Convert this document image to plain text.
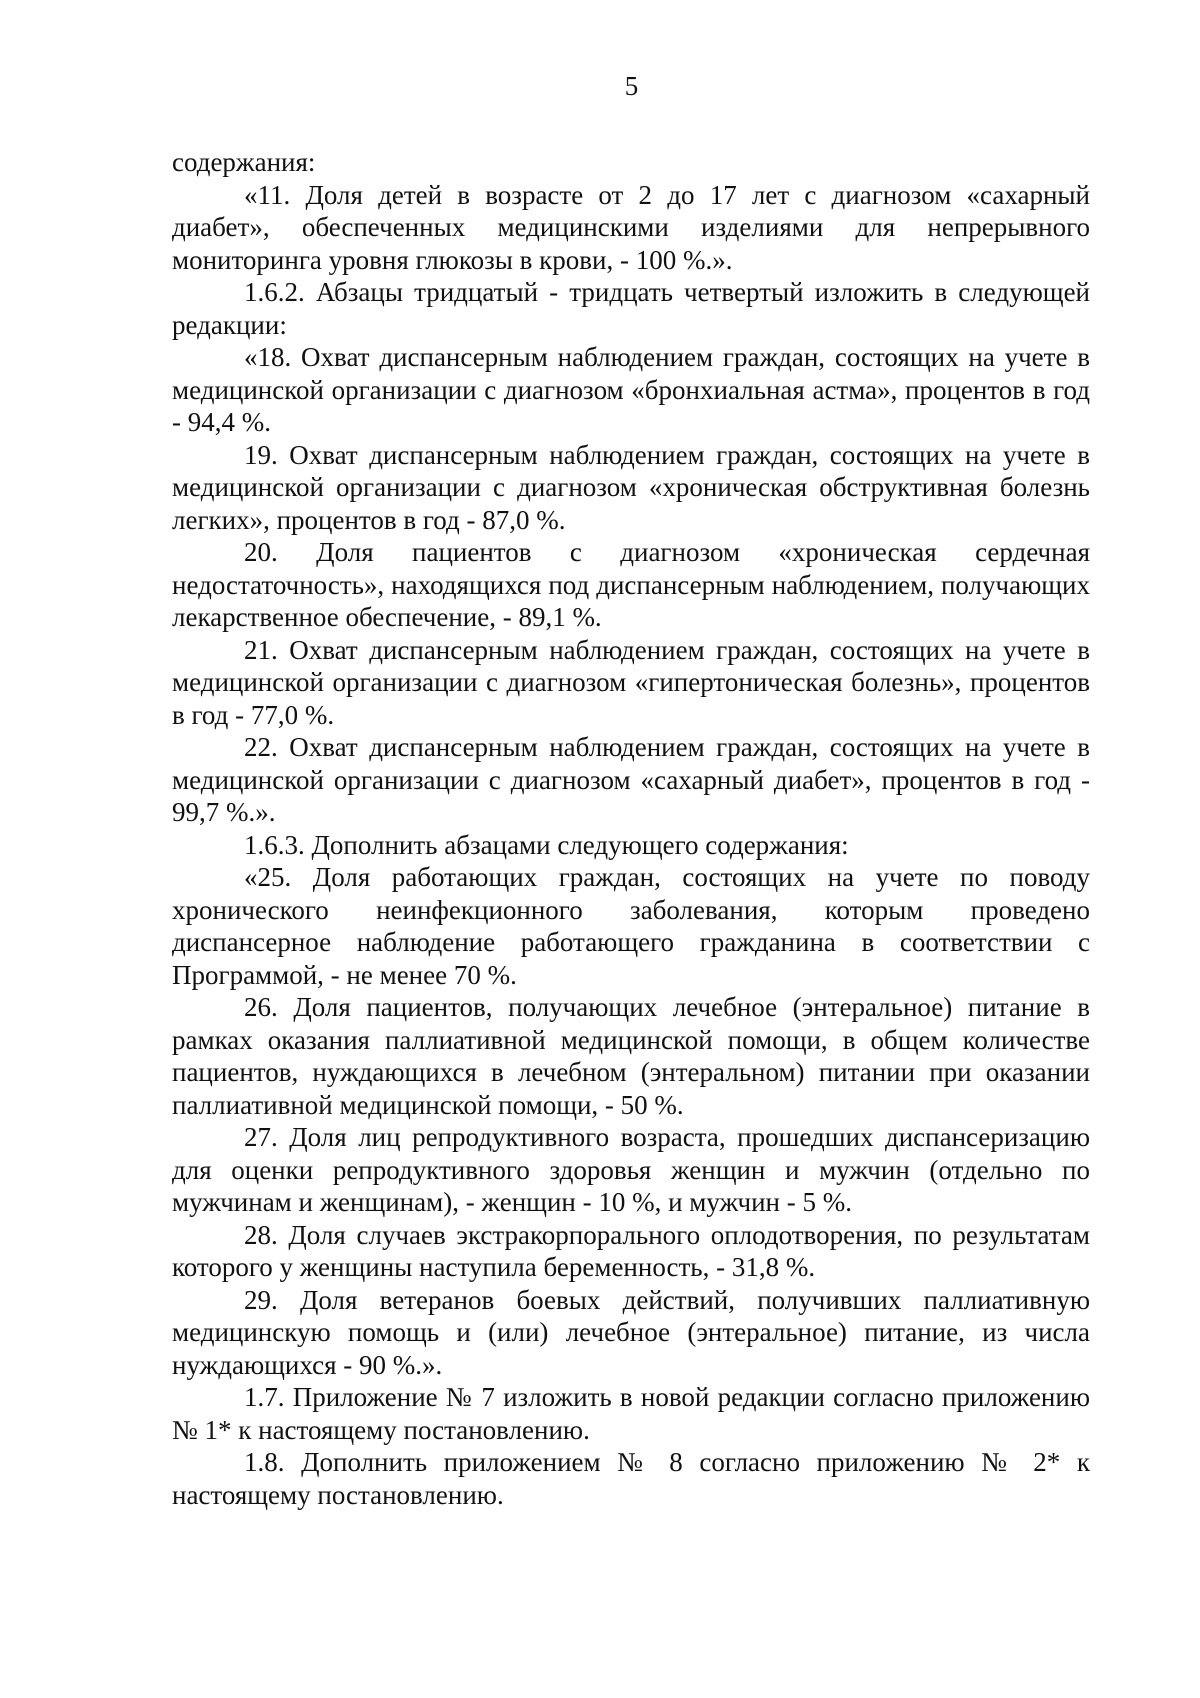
5

содержания:

«11. Доля детей в возрасте от 2 до 17 лет с диагнозом «сахарный диабет», обеспеченных медицинскими изделиями для непрерывного мониторинга уровня глюкозы в крови, - 100 %.».

1.6.2. Абзацы тридцатый - тридцать четвертый изложить в следующей редакции:

«18. Охват диспансерным наблюдением граждан, состоящих на учете в медицинской организации с диагнозом «бронхиальная астма», процентов в год - 94,4 %.

19. Охват диспансерным наблюдением граждан, состоящих на учете в медицинской организации с диагнозом «хроническая обструктивная болезнь легких», процентов в год - 87,0 %.

20. Доля пациентов с диагнозом «хроническая сердечная недостаточность», находящихся под диспансерным наблюдением, получающих лекарственное обеспечение, - 89,1 %.

21. Охват диспансерным наблюдением граждан, состоящих на учете в медицинской организации с диагнозом «гипертоническая болезнь», процентов в год - 77,0 %.

22. Охват диспансерным наблюдением граждан, состоящих на учете в медицинской организации с диагнозом «сахарный диабет», процентов в год - 99,7 %.».

1.6.3. Дополнить абзацами следующего содержания:

«25. Доля работающих граждан, состоящих на учете по поводу хронического неинфекционного заболевания, которым проведено диспансерное наблюдение работающего гражданина в соответствии с Программой, - не менее 70 %.

26. Доля пациентов, получающих лечебное (энтеральное) питание в рамках оказания паллиативной медицинской помощи, в общем количестве пациентов, нуждающихся в лечебном (энтеральном) питании при оказании паллиативной медицинской помощи, - 50 %.

27. Доля лиц репродуктивного возраста, прошедших диспансеризацию для оценки репродуктивного здоровья женщин и мужчин (отдельно по мужчинам и женщинам), - женщин - 10 %, и мужчин - 5 %.

28. Доля случаев экстракорпорального оплодотворения, по результатам которого у женщины наступила беременность, - 31,8 %.

29. Доля ветеранов боевых действий, получивших паллиативную медицинскую помощь и (или) лечебное (энтеральное) питание, из числа нуждающихся - 90 %.».

1.7. Приложение № 7 изложить в новой редакции согласно приложению № 1* к настоящему постановлению.

1.8. Дополнить приложением № 8 согласно приложению № 2* к настоящему постановлению.
